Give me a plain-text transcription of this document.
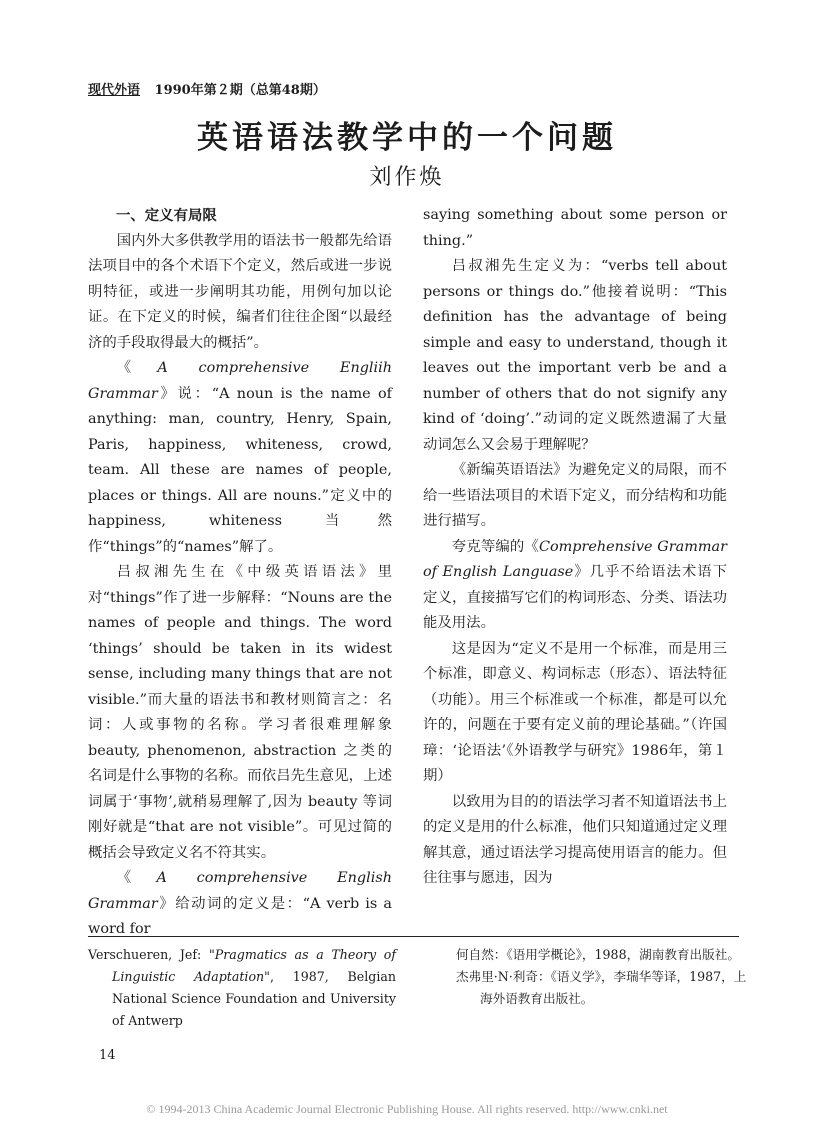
现代外语 1990年第２期（总第48期）
英语语法教学中的一个问题
刘作焕

一、定义有局限

国内外大多供教学用的语法书一般都先给语法项目中的各个术语下个定义，然后或进一步说明特征，或进一步阐明其功能，用例句加以论证。在下定义的时候，编者们往往企图“以最经济的手段取得最大的概括”。

《A comprehensive Engliih Grammar》说：“A noun is the name of anything: man, country, Henry, Spain, Paris, happiness, whiteness, crowd, team. All these are names of people, places or things. All are nouns.”定义中的 happiness, whiteness 当然作“things”的“names”解了。

吕叔湘先生在《中级英语语法》里对“things”作了进一步解释：“Nouns are the names of people and things. The word ‘things’ should be taken in its widest sense, including many things that are not visible.”而大量的语法书和教材则简言之：名词：人或事物的名称。学习者很难理解象 beauty, phenomenon, abstraction 之类的名词是什么事物的名称。而依吕先生意见，上述词属于‘事物’,就稍易理解了,因为 beauty 等词刚好就是“that are not visible”。可见过简的概括会导致定义名不符其实。

《A comprehensive English Grammar》给动词的定义是：“A verb is a word for

saying something about some person or thing.”

吕叔湘先生定义为：“verbs tell about persons or things do.”他接着说明：“This definition has the advantage of being simple and easy to understand, though it leaves out the important verb be and a number of others that do not signify any kind of ‘doing’.”动词的定义既然遗漏了大量动词怎么又会易于理解呢？

《新编英语语法》为避免定义的局限，而不给一些语法项目的术语下定义，而分结构和功能进行描写。

夸克等编的《Comprehensive Grammar of English Languase》几乎不给语法术语下定义，直接描写它们的构词形态、分类、语法功能及用法。

这是因为“定义不是用一个标准，而是用三个标准，即意义、构词标志（形态）、语法特征（功能）。用三个标准或一个标准，都是可以允许的，问题在于要有定义前的理论基础。”（许国璋：‘论语法’《外语教学与研究》1986年，第１期）

以致用为目的的语法学习者不知道语法书上的定义是用的什么标准，他们只知道通过定义理解其意，通过语法学习提高使用语言的能力。但往往事与愿违，因为

Verschueren, Jef: "Pragmatics as a Theory of Linguistic Adaptation", 1987, Belgian National Science Foundation and University of Antwerp

何自然：《语用学概论》，1988，湖南教育出版社。

杰弗里·N·利奇：《语义学》，李瑞华等译，1987，上海外语教育出版社。

14
© 1994-2013 China Academic Journal Electronic Publishing House. All rights reserved. http://www.cnki.net
